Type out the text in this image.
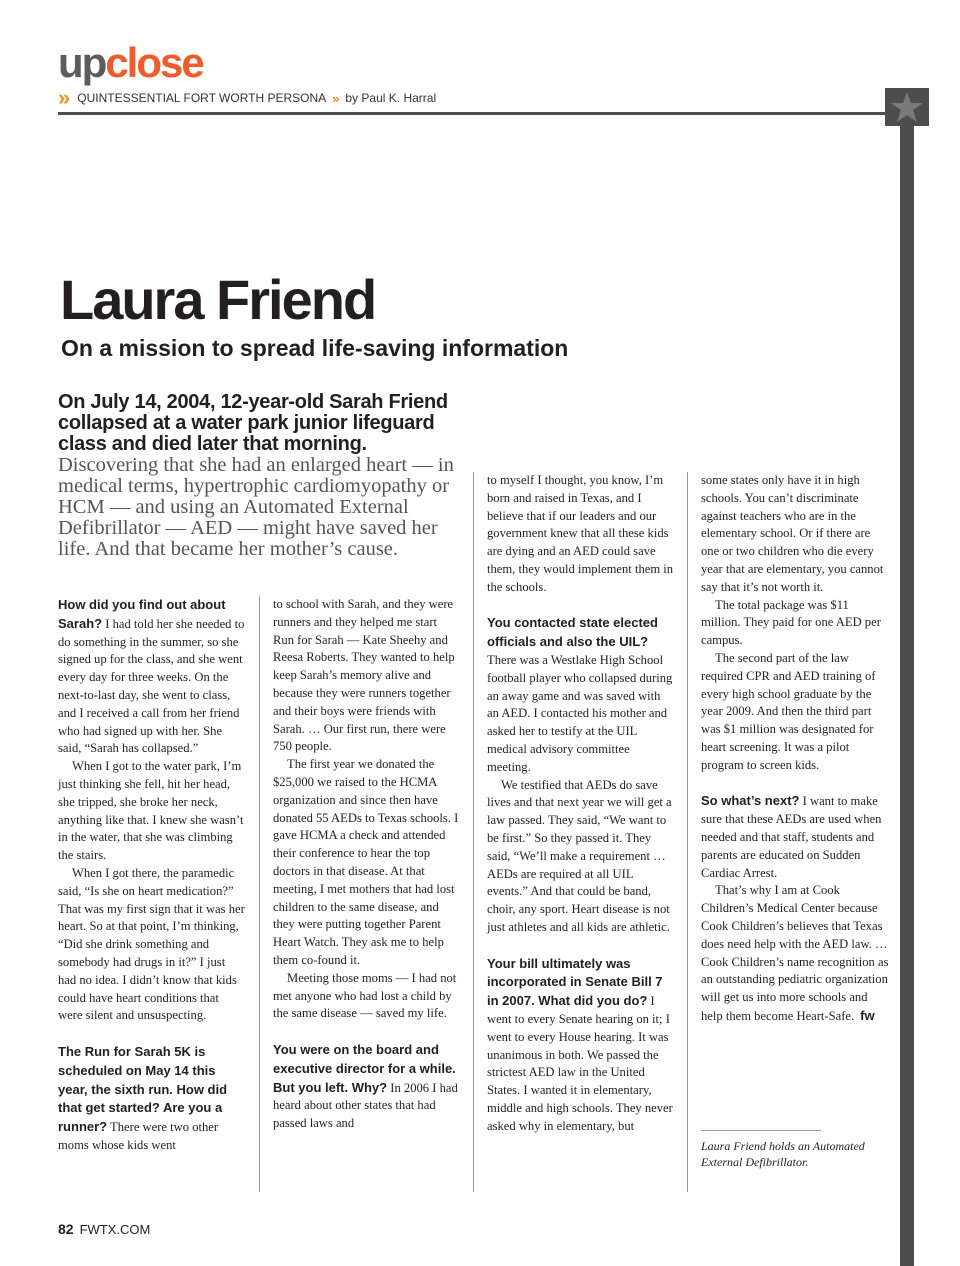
upclose
» QUINTESSENTIAL FORT WORTH PERSONA » by Paul K. Harral
Laura Friend
On a mission to spread life-saving information

On July 14, 2004, 12-year-old Sarah Friend collapsed at a water park junior lifeguard class and died later that morning. Discovering that she had an enlarged heart — in medical terms, hypertrophic cardiomyopathy or HCM — and using an Automated External Defibrillator — AED — might have saved her life. And that became her mother’s cause.

How did you find out about Sarah? I had told her she needed to do something in the summer, so she signed up for the class, and she went every day for three weeks. On the next-to-last day, she went to class, and I received a call from her friend who had signed up with her. She said, “Sarah has collapsed.”

When I got to the water park, I’m just thinking she fell, hit her head, she tripped, she broke her neck, anything like that. I knew she wasn’t in the water, that she was climbing the stairs.

When I got there, the paramedic said, “Is she on heart medication?” That was my first sign that it was her heart. So at that point, I’m thinking, “Did she drink something and somebody had drugs in it?” I just had no idea. I didn’t know that kids could have heart conditions that were silent and unsuspecting.

The Run for Sarah 5K is scheduled on May 14 this year, the sixth run. How did that get started? Are you a runner? There were two other moms whose kids went

to school with Sarah, and they were runners and they helped me start Run for Sarah — Kate Sheehy and Reesa Roberts. They wanted to help keep Sarah’s memory alive and because they were runners together and their boys were friends with Sarah. … Our first run, there were 750 people.

The first year we donated the $25,000 we raised to the HCMA organization and since then have donated 55 AEDs to Texas schools. I gave HCMA a check and attended their conference to hear the top doctors in that disease. At that meeting, I met mothers that had lost children to the same disease, and they were putting together Parent Heart Watch. They ask me to help them co-found it.

Meeting those moms — I had not met anyone who had lost a child by the same disease — saved my life.

You were on the board and executive director for a while. But you left. Why? In 2006 I had heard about other states that had passed laws and

to myself I thought, you know, I’m born and raised in Texas, and I believe that if our leaders and our government knew that all these kids are dying and an AED could save them, they would implement them in the schools.

You contacted state elected officials and also the UIL? There was a Westlake High School football player who collapsed during an away game and was saved with an AED. I contacted his mother and asked her to testify at the UIL medical advisory committee meeting.

We testified that AEDs do save lives and that next year we will get a law passed. They said, “We want to be first.” So they passed it. They said, “We’ll make a requirement … AEDs are required at all UIL events.” And that could be band, choir, any sport. Heart disease is not just athletes and all kids are athletic.

Your bill ultimately was incorporated in Senate Bill 7 in 2007. What did you do? I went to every Senate hearing on it; I went to every House hearing. It was unanimous in both. We passed the strictest AED law in the United States. I wanted it in elementary, middle and high schools. They never asked why in elementary, but

some states only have it in high schools. You can’t discriminate against teachers who are in the elementary school. Or if there are one or two children who die every year that are elementary, you cannot say that it’s not worth it.

The total package was $11 million. They paid for one AED per campus.

The second part of the law required CPR and AED training of every high school graduate by the year 2009. And then the third part was $1 million was designated for heart screening. It was a pilot program to screen kids.

So what’s next? I want to make sure that these AEDs are used when needed and that staff, students and parents are educated on Sudden Cardiac Arrest.

That’s why I am at Cook Children’s Medical Center because Cook Children’s believes that Texas does need help with the AED law. … Cook Children’s name recognition as an outstanding pediatric organization will get us into more schools and help them become Heart-Safe. fw

Laura Friend holds an Automated External Defibrillator.

82 FWTX.COM
